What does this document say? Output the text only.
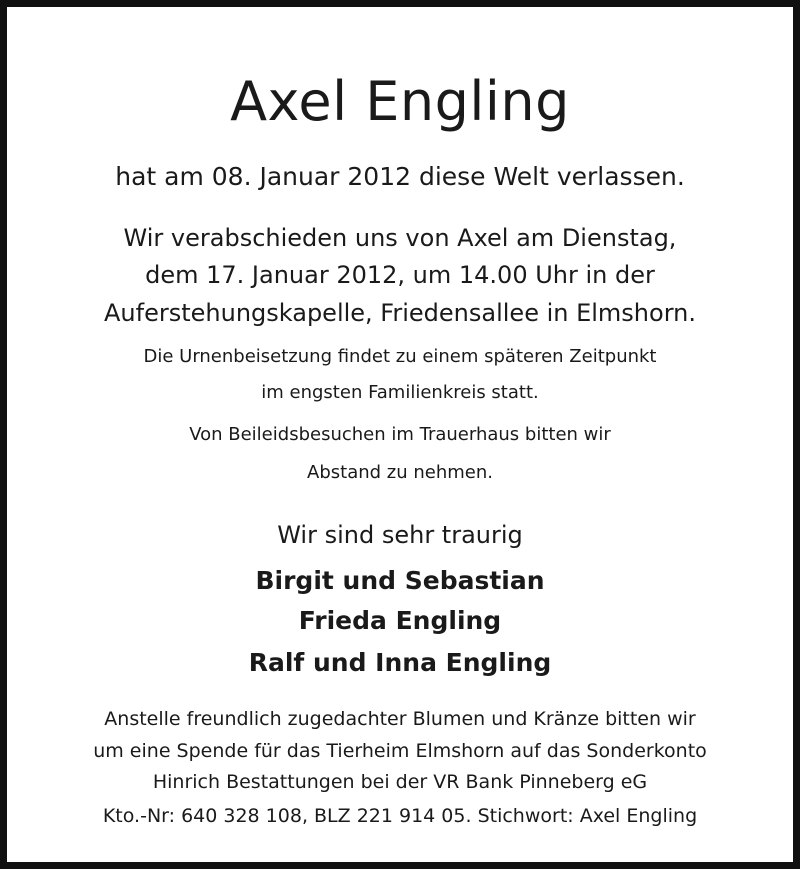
Axel Engling
hat am 08. Januar 2012 diese Welt verlassen.
Wir verabschieden uns von Axel am Dienstag,
dem 17. Januar 2012, um 14.00 Uhr in der
Auferstehungskapelle, Friedensallee in Elmshorn.
Die Urnenbeisetzung findet zu einem späteren Zeitpunkt
im engsten Familienkreis statt.
Von Beileidsbesuchen im Trauerhaus bitten wir
Abstand zu nehmen.
Wir sind sehr traurig
Birgit und Sebastian
Frieda Engling
Ralf und Inna Engling
Anstelle freundlich zugedachter Blumen und Kränze bitten wir
um eine Spende für das Tierheim Elmshorn auf das Sonderkonto
Hinrich Bestattungen bei der VR Bank Pinneberg eG
Kto.-Nr: 640 328 108, BLZ 221 914 05. Stichwort: Axel Engling
